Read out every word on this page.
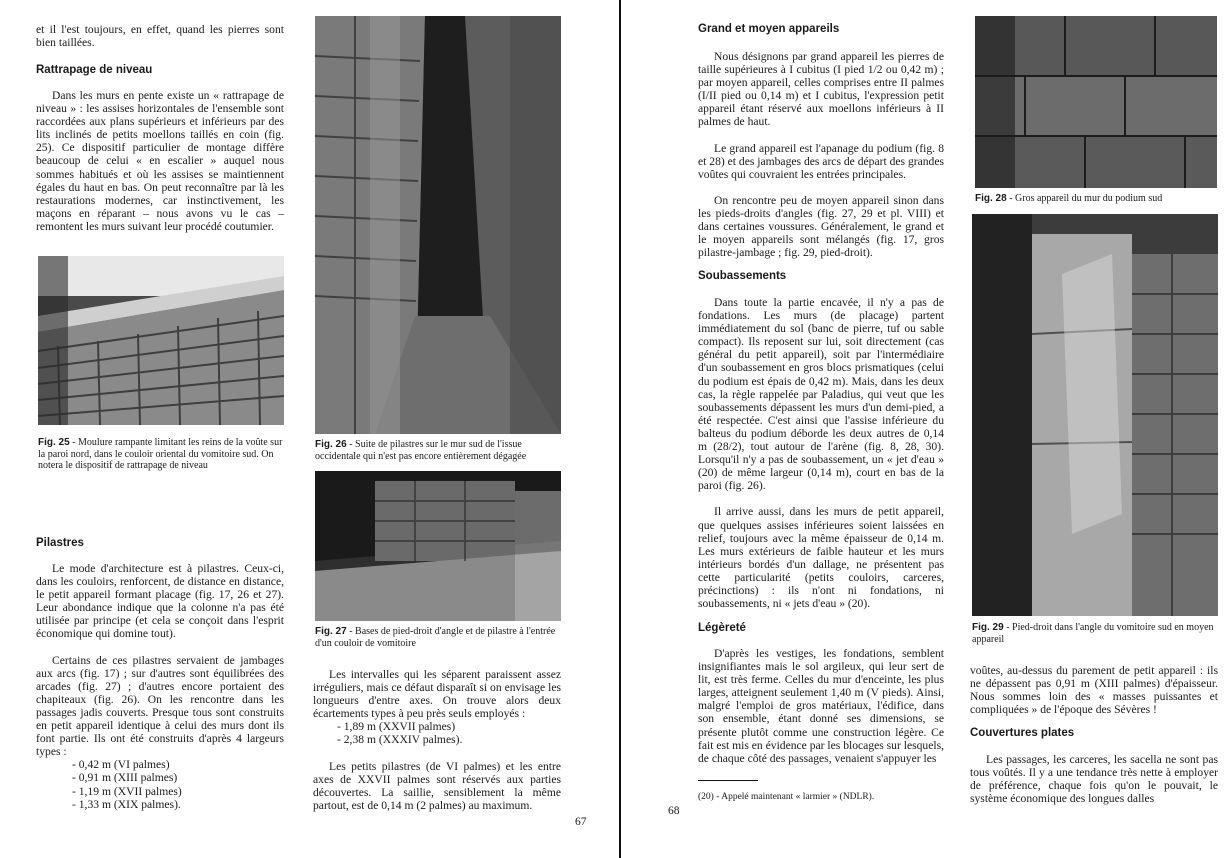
et il l'est toujours, en effet, quand les pierres sont bien taillées.

Rattrapage de niveau

Dans les murs en pente existe un « rattrapage de niveau » : les assises horizontales de l'ensemble sont raccordées aux plans supérieurs et inférieurs par des lits inclinés de petits moellons taillés en coin (fig. 25). Ce dispositif particulier de montage diffère beaucoup de celui « en escalier » auquel nous sommes habitués et où les assises se maintiennent égales du haut en bas. On peut reconnaître par là les restaurations modernes, car instinctivement, les maçons en réparant – nous avons vu le cas – remontent les murs suivant leur procédé coutumier.

Fig. 25 - Moulure rampante limitant les reins de la voûte sur la paroi nord, dans le couloir oriental du vomitoire sud. On notera le dispositif de rattrapage de niveau
Fig. 26 - Suite de pilastres sur le mur sud de l'issue occidentale qui n'est pas encore entièrement dégagée
Fig. 27 - Bases de pied-droit d'angle et de pilastre à l'entrée d'un couloir de vomitoire
Pilastres

Le mode d'architecture est à pilastres. Ceux-ci, dans les couloirs, renforcent, de distance en distance, le petit appareil formant placage (fig. 17, 26 et 27). Leur abondance indique que la colonne n'a pas été utilisée par principe (et cela se conçoit dans l'esprit économique qui domine tout).

Certains de ces pilastres servaient de jambages aux arcs (fig. 17) ; sur d'autres sont équilibrées des arcades (fig. 27) ; d'autres encore portaient des chapiteaux (fig. 26). On les rencontre dans les passages jadis couverts. Presque tous sont construits en petit appareil identique à celui des murs dont ils font partie. Ils ont été construits d'après 4 largeurs types :

- 0,42 m (VI palmes)
- 0,91 m (XIII palmes)
- 1,19 m (XVII palmes)
- 1,33 m (XIX palmes).

Les intervalles qui les séparent paraissent assez irréguliers, mais ce défaut disparaît si on envisage les longueurs d'entre axes. On trouve alors deux écartements types à peu près seuls employés :

- 1,89 m (XXVII palmes)
- 2,38 m (XXXIV palmes).

Les petits pilastres (de VI palmes) et les entre axes de XXVII palmes sont réservés aux parties découvertes. La saillie, sensiblement la même partout, est de 0,14 m (2 palmes) au maximum.

67
Grand et moyen appareils

Nous désignons par grand appareil les pierres de taille supérieures à I cubitus (I pied 1/2 ou 0,42 m) ; par moyen appareil, celles comprises entre II palmes (I/II pied ou 0,14 m) et I cubitus, l'expression petit appareil étant réservé aux moellons inférieurs à II palmes de haut.

Le grand appareil est l'apanage du podium (fig. 8 et 28) et des jambages des arcs de départ des grandes voûtes qui couvraient les entrées principales.

On rencontre peu de moyen appareil sinon dans les pieds-droits d'angles (fig. 27, 29 et pl. VIII) et dans certaines voussures. Généralement, le grand et le moyen appareils sont mélangés (fig. 17, gros pilastre-jambage ; fig. 29, pied-droit).

Soubassements

Dans toute la partie encavée, il n'y a pas de fondations. Les murs (de placage) partent immédiatement du sol (banc de pierre, tuf ou sable compact). Ils reposent sur lui, soit directement (cas général du petit appareil), soit par l'intermédiaire d'un soubassement en gros blocs prismatiques (celui du podium est épais de 0,42 m). Mais, dans les deux cas, la règle rappelée par Paladius, qui veut que les soubassements dépassent les murs d'un demi-pied, a été respectée. C'est ainsi que l'assise inférieure du balteus du podium déborde les deux autres de 0,14 m (28/2), tout autour de l'arène (fig. 8, 28, 30). Lorsqu'il n'y a pas de soubassement, un « jet d'eau » (20) de même largeur (0,14 m), court en bas de la paroi (fig. 26).

Il arrive aussi, dans les murs de petit appareil, que quelques assises inférieures soient laissées en relief, toujours avec la même épaisseur de 0,14 m. Les murs extérieurs de faible hauteur et les murs intérieurs bordés d'un dallage, ne présentent pas cette particularité (petits couloirs, carceres, précinctions) : ils n'ont ni fondations, ni soubassements, ni « jets d'eau » (20).

Légèreté

D'après les vestiges, les fondations, semblent insignifiantes mais le sol argileux, qui leur sert de lit, est très ferme. Celles du mur d'enceinte, les plus larges, atteignent seulement 1,40 m (V pieds). Ainsi, malgré l'emploi de gros matériaux, l'édifice, dans son ensemble, étant donné ses dimensions, se présente plutôt comme une construction légère. Ce fait est mis en évidence par les blocages sur lesquels, de chaque côté des passages, venaient s'appuyer les

(20) - Appelé maintenant « larmier » (NDLR).
68
Fig. 28 - Gros appareil du mur du podium sud
Fig. 29 - Pied-droit dans l'angle du vomitoire sud en moyen appareil

voûtes, au-dessus du parement de petit appareil : ils ne dépassent pas 0,91 m (XIII palmes) d'épaisseur. Nous sommes loin des « masses puissantes et compliquées » de l'époque des Sévères !

Couvertures plates

Les passages, les carceres, les sacella ne sont pas tous voûtés. Il y a une tendance très nette à employer de préférence, chaque fois qu'on le pouvait, le système économique des longues dalles
